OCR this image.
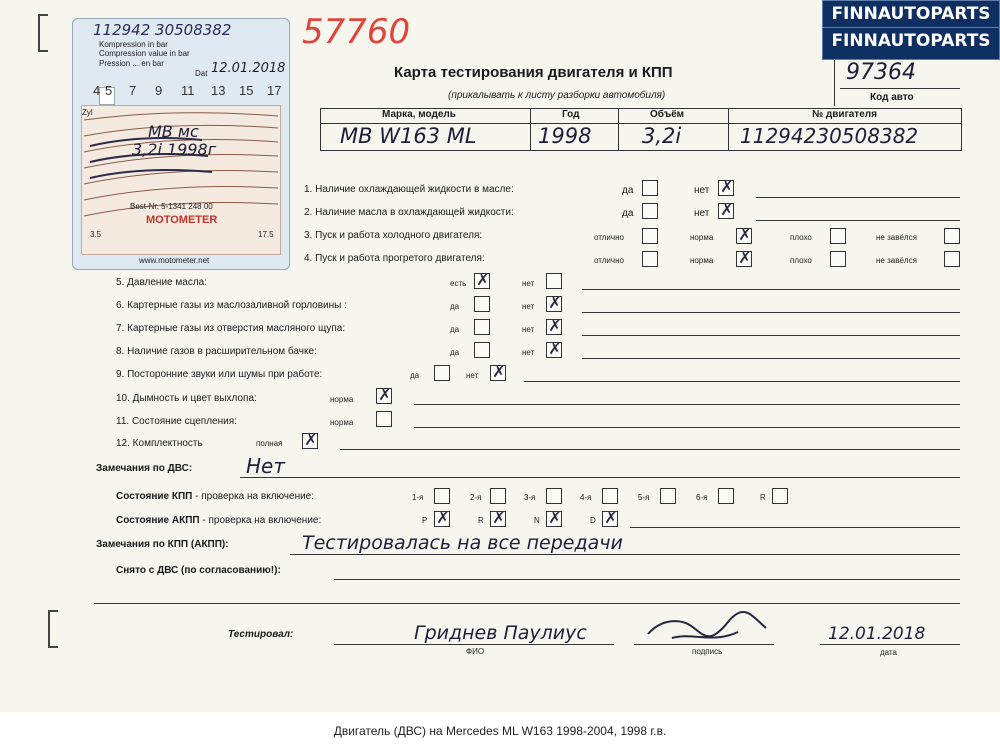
112942 30508382
Kompression in bar
Compression value in bar
Pression ... en bar
Dat 12.01.2018
4 5 7 9 11 13 15 17
Zyl
МВ мс
3,2i 1998г
MOTOMETER
Best-Nr. 5-1341 248 00
3.5	17.5
www.motometer.net
57760
Карта тестирования двигателя и КПП
(прикалывать к листу разборки автомобиля)
97364
Код авто
Марка, модель	Год	Объём	№ двигателя
МВ W163 ML	1998 3,2i	11294230508382
1. Наличие охлаждающей жидкости в масле:	да	нет ✗
2. Наличие масла в охлаждающей жидкости:	да	нет ✗
3. Пуск и работа холодного двигателя:	отлично	норма ✗	плохо	не завёлся
4. Пуск и работа прогретого двигателя:	отлично	норма ✗	плохо	не завёлся
5. Давление масла:	есть ✗	нет
6. Картерные газы из маслозаливной горловины :	да	нет ✗
7. Картерные газы из отверстия масляного щупа:	да	нет ✗
8. Наличие газов в расширительном бачке:	да	нет ✗
9. Посторонние звуки или шумы при работе:	да	нет ✗
10. Дымность и цвет выхлопа:	норма ✗
11. Состояние сцепления:	норма
12. Комплектность	полная ✗
Замечания по ДВС:	Нет
Состояние КПП - проверка на включение:	1-я	2-я	3-я	4-я	5-я	6-я	R
Состояние АКПП - проверка на включение:	P ✗	R ✗	N ✗	D ✗
Замечания по КПП (АКПП):	Тестировалась на все передачи
Снято с ДВС (по согласованию!):
Тестировал:	Гриднев Паулиус
ФИО	подпись
12.01.2018
дата
FINNAUTOPARTS
FINNAUTOPARTS
Двигатель (ДВС) на Mercedes ML W163 1998-2004, 1998 г.в.
